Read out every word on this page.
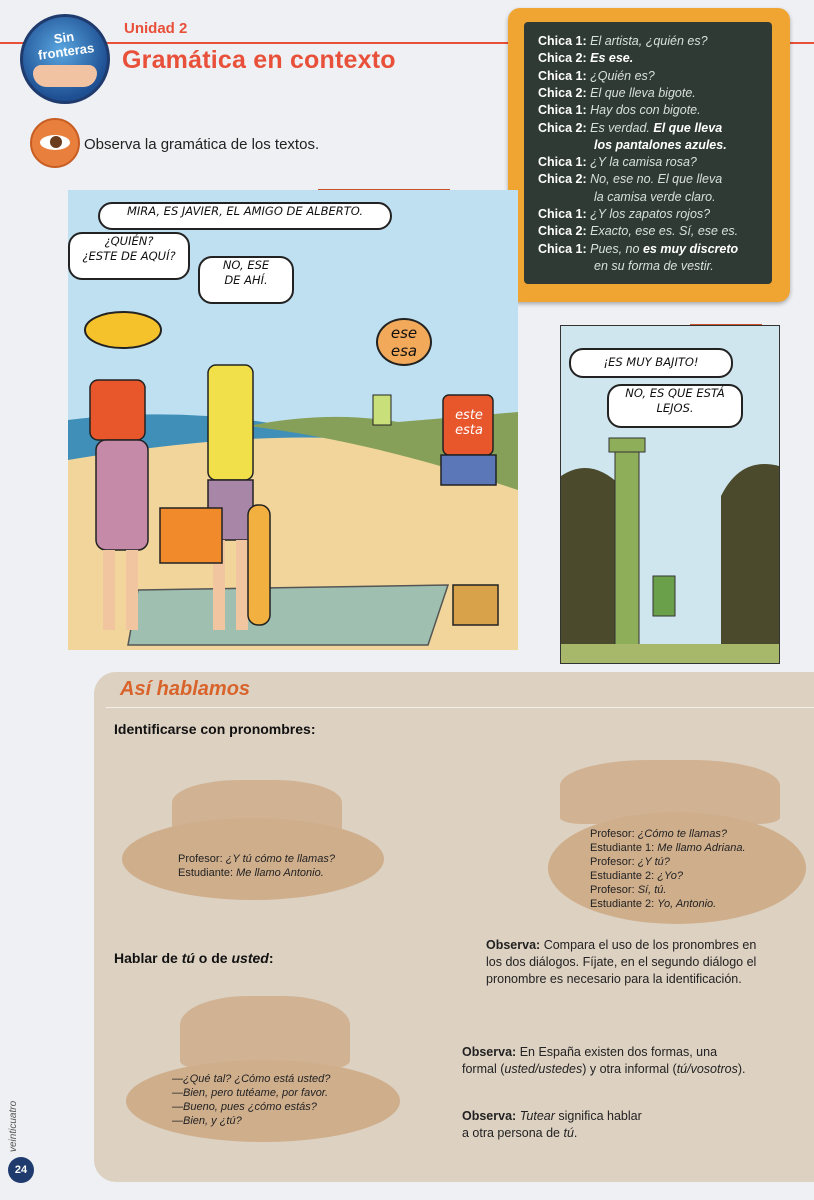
Sin fronteras
Unidad 2
Gramática en contexto
Observa la gramática de los textos.
Chica 1: El artista, ¿quién es?
Chica 2: Es ese.
Chica 1: ¿Quién es?
Chica 2: El que lleva bigote.
Chica 1: Hay dos con bigote.
Chica 2: Es verdad. El que lleva
los pantalones azules.
Chica 1: ¿Y la camisa rosa?
Chica 2: No, ese no. El que lleva
la camisa verde claro.
Chica 1: ¿Y los zapatos rojos?
Chica 2: Exacto, ese es. Sí, ese es.
Chica 1: Pues, no es muy discreto
en su forma de vestir.
MIRA, ES JAVIER, EL AMIGO DE ALBERTO.
¿QUIÉN?
¿ESTE DE AQUÍ?
NO, ESE
DE AHÍ.
ese
esa
este
esta
¡ES MUY BAJITO!
NO, ES QUE ESTÁ
LEJOS.
Así hablamos
Identificarse con pronombres:
Profesor: ¿Y tú cómo te llamas?
Estudiante: Me llamo Antonio.
Profesor: ¿Cómo te llamas?
Estudiante 1: Me llamo Adriana.
Profesor: ¿Y tú?
Estudiante 2: ¿Yo?
Profesor: Sí, tú.
Estudiante 2: Yo, Antonio.
Observa: Compara el uso de los pronombres en
los dos diálogos. Fíjate, en el segundo diálogo el
pronombre es necesario para la identificación.
Hablar de tú o de usted:
—¿Qué tal? ¿Cómo está usted?
—Bien, pero tutéame, por favor.
—Bueno, pues ¿cómo estás?
—Bien, y ¿tú?
Observa: En España existen dos formas, una
formal (usted/ustedes) y otra informal (tú/vosotros).
Observa: Tutear significa hablar
a otra persona de tú.
veinticuatro
24
